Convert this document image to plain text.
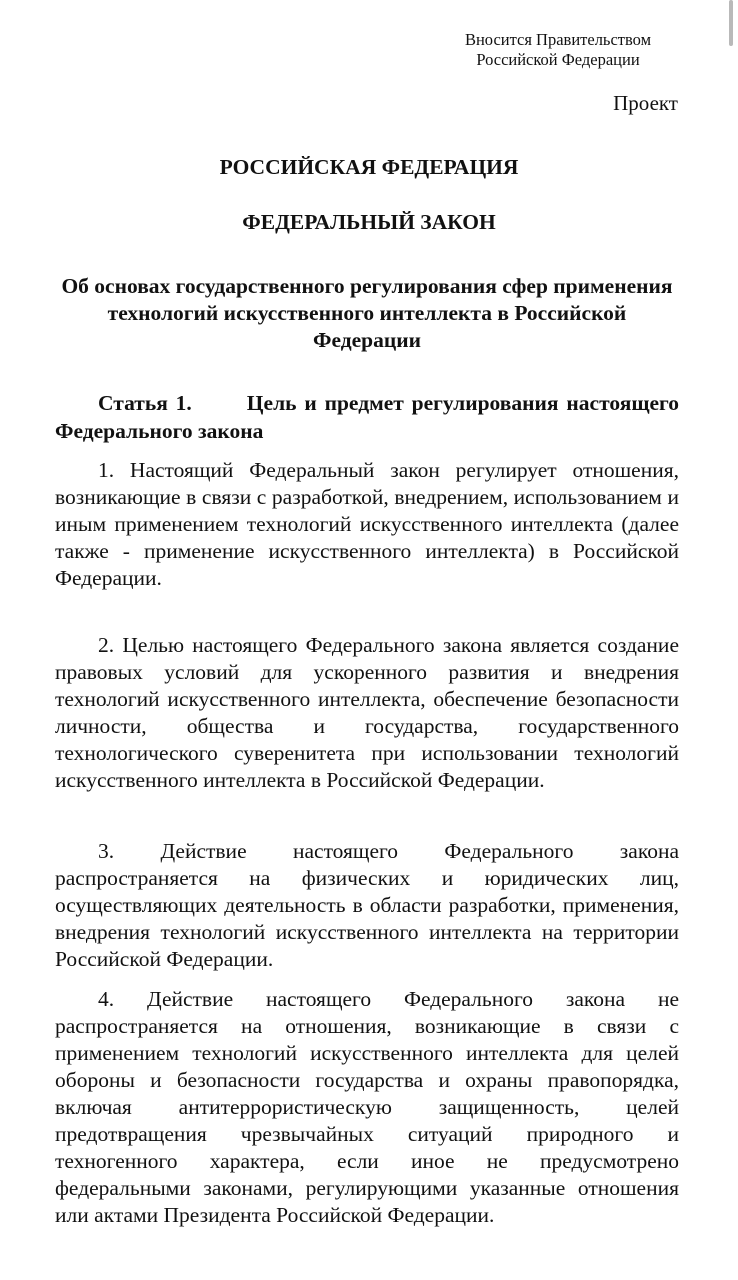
Вносится Правительством
Российской Федерации
Проект
РОССИЙСКАЯ ФЕДЕРАЦИЯ
ФЕДЕРАЛЬНЫЙ ЗАКОН
Об основах государственного регулирования сфер применения технологий искусственного интеллекта в Российской Федерации
Статья 1.	Цель и предмет регулирования настоящего Федерального закона

1. Настоящий Федеральный закон регулирует отношения, возникающие в связи с разработкой, внедрением, использованием и иным применением технологий искусственного интеллекта (далее также - применение искусственного интеллекта) в Российской Федерации.

2. Целью настоящего Федерального закона является создание правовых условий для ускоренного развития и внедрения технологий искусственного интеллекта, обеспечение безопасности личности, общества и государства, государственного технологического суверенитета при использовании технологий искусственного интеллекта в Российской Федерации.

3. Действие настоящего Федерального закона распространяется на физических и юридических лиц, осуществляющих деятельность в области разработки, применения, внедрения технологий искусственного интеллекта на территории Российской Федерации.

4. Действие настоящего Федерального закона не распространяется на отношения, возникающие в связи с применением технологий искусственного интеллекта для целей обороны и безопасности государства и охраны правопорядка, включая антитеррористическую защищенность, целей предотвращения чрезвычайных ситуаций природного и техногенного характера, если иное не предусмотрено федеральными законами, регулирующими указанные отношения или актами Президента Российской Федерации.
